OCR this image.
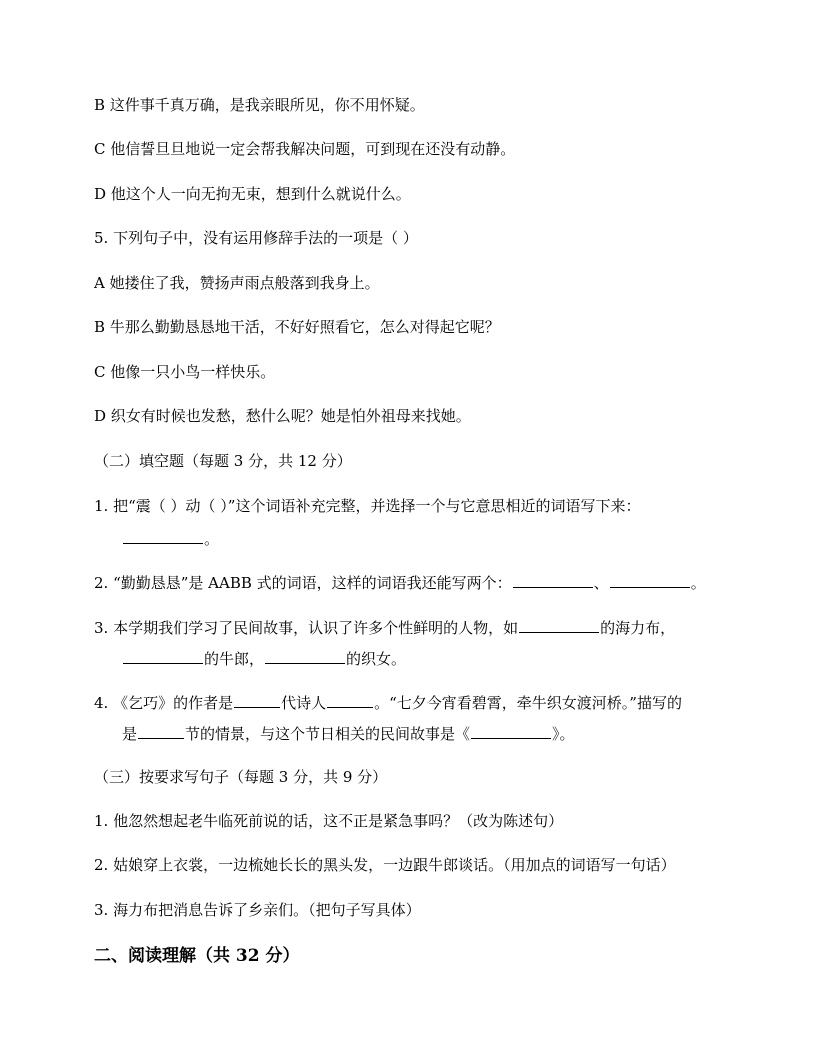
B 这件事千真万确，是我亲眼所见，你不用怀疑。
C 他信誓旦旦地说一定会帮我解决问题，可到现在还没有动静。
D 他这个人一向无拘无束，想到什么就说什么。
5. 下列句子中，没有运用修辞手法的一项是（ ）
A 她搂住了我，赞扬声雨点般落到我身上。
B 牛那么勤勤恳恳地干活，不好好照看它，怎么对得起它呢？
C 他像一只小鸟一样快乐。
D 织女有时候也发愁，愁什么呢？她是怕外祖母来找她。
（二）填空题（每题 3 分，共 12 分）
1. 把“震（ ）动（ ）”这个词语补充完整，并选择一个与它意思相近的词语写下来：
。
2. “勤勤恳恳”是 AABB 式的词语，这样的词语我还能写两个：	、	。
3. 本学期我们学习了民间故事，认识了许多个性鲜明的人物，如	的海力布，
的牛郎，	的织女。
4. 《乞巧》的作者是	代诗人	。“七夕今宵看碧霄，牵牛织女渡河桥。”描写的
是	节的情景，与这个节日相关的民间故事是《	》。
（三）按要求写句子（每题 3 分，共 9 分）
1. 他忽然想起老牛临死前说的话，这不正是紧急事吗？（改为陈述句）
2. 姑娘穿上衣裳，一边梳她长长的黑头发，一边跟牛郎谈话。（用加点的词语写一句话）
3. 海力布把消息告诉了乡亲们。（把句子写具体）
二、阅读理解（共 32 分）
